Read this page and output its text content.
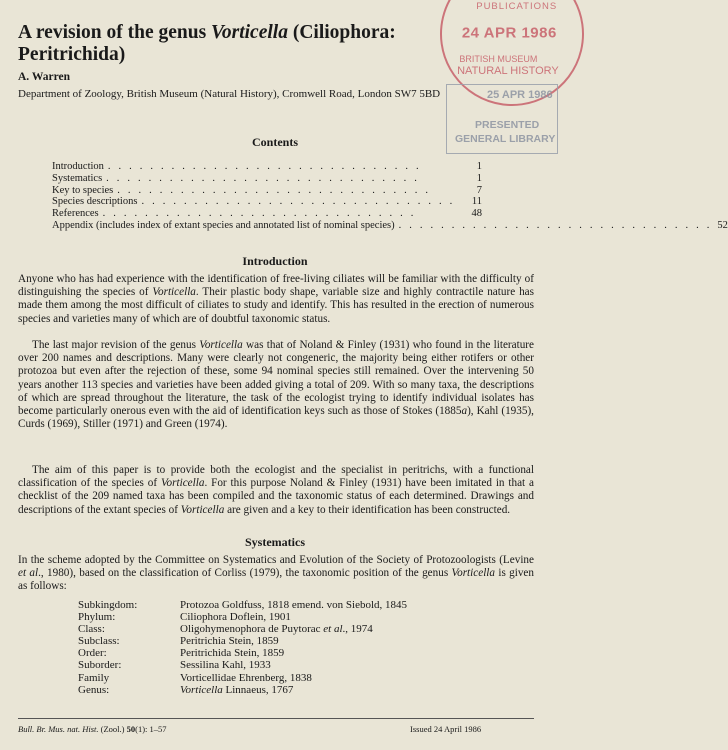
A revision of the genus Vorticella (Ciliophora: Peritrichida)
A. Warren
Department of Zoology, British Museum (Natural History), Cromwell Road, London SW7 5BD
PUBLICATIONS
24 APR 1986
BRITISH MUSEUM
NATURAL HISTORY
25 APR 1986
PRESENTED
GENERAL LIBRARY
Contents
Introduction ..............................	1
Systematics ..............................	1
Key to species ..............................	7
Species descriptions ..............................	11
References ..............................	48
Appendix (includes index of extant species and annotated list of nominal species) .............................. 52
Introduction

Anyone who has had experience with the identification of free-living ciliates will be familiar with the difficulty of distinguishing the species of Vorticella. Their plastic body shape, variable size and highly contractile nature has made them among the most difficult of ciliates to study and identify. This has resulted in the erection of numerous species and varieties many of which are of doubtful taxonomic status.

The last major revision of the genus Vorticella was that of Noland & Finley (1931) who found in the literature over 200 names and descriptions. Many were clearly not congeneric, the majority being either rotifers or other protozoa but even after the rejection of these, some 94 nominal species still remained. Over the intervening 50 years another 113 species and varieties have been added giving a total of 209. With so many taxa, the descriptions of which are spread throughout the literature, the task of the ecologist trying to identify individual isolates has become particularly onerous even with the aid of identification keys such as those of Stokes (1885a), Kahl (1935), Curds (1969), Stiller (1971) and Green (1974).

The aim of this paper is to provide both the ecologist and the specialist in peritrichs, with a functional classification of the species of Vorticella. For this purpose Noland & Finley (1931) have been imitated in that a checklist of the 209 named taxa has been compiled and the taxonomic status of each determined. Drawings and descriptions of the extant species of Vorticella are given and a key to their identification has been constructed.

Systematics

In the scheme adopted by the Committee on Systematics and Evolution of the Society of Protozoologists (Levine et al., 1980), based on the classification of Corliss (1979), the taxonomic position of the genus Vorticella is given as follows:

Subkingdom:	Protozoa Goldfuss, 1818 emend. von Siebold, 1845
Phylum:	Ciliophora Doflein, 1901
Class:	Oligohymenophora de Puytorac et al., 1974
Subclass:	Peritrichia Stein, 1859
Order:	Peritrichida Stein, 1859
Suborder:	Sessilina Kahl, 1933
Family	Vorticellidae Ehrenberg, 1838
Genus:	Vorticella Linnaeus, 1767
Bull. Br. Mus. nat. Hist. (Zool.) 50(1): 1–57	Issued 24 April 1986
